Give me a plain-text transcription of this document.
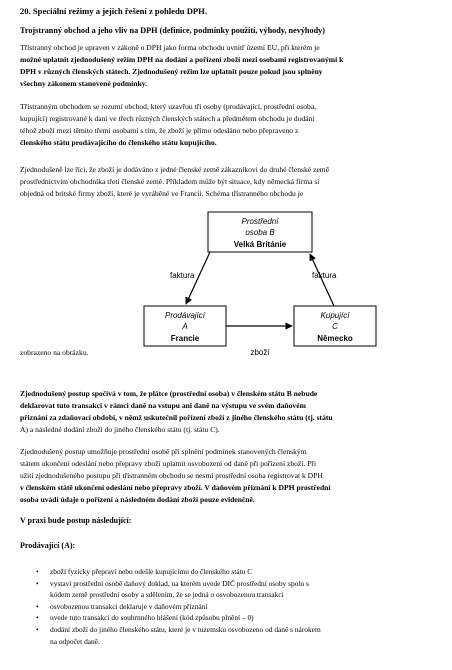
20. Speciální režimy a jejich řešení z pohledu DPH.
Trojstranný obchod a jeho vliv na DPH (definice, podmínky použití, výhody, nevýhody)
Třístranný obchod je upraven v zákoně o DPH jako forma obchodu uvnitř území EU, při kterém je
možné uplatnit zjednodušený režim DPH na dodání a pořízení zboží mezi osobami registrovanými k
DPH v různých členských státech. Zjednodušený režim lze uplatnit pouze pokud jsou splněny
všechny zákonem stanovené podmínky.
Třístranným obchodem se rozumí obchod, který uzavřou tři osoby (prodávající, prostřední osoba,
kupující) registrované k dani ve třech různých členských státech a předmětem obchodu je dodání
téhož zboží mezi těmito třemi osobami s tím, že zboží je přímo odesláno nebo přepraveno z
členského státu prodávajícího do členského státu kupujícího.
Zjednodušeně lze říci, že zboží je dodáváno z jedné členské země zákazníkovi do druhé členské země
prostřednictvím obchodníka třetí členské země. Příkladem může být situace, kdy německá firma si
objedná od britské firmy zboží, které je vyráběné ve Francii. Schéma třístranného obchodu je
Prostřední
osoba B
Velká Británie
Prodávající
A
Francie
Kupující
C
Německo
faktura	faktura
zboží
zobrazeno na obrázku.
Zjednodušený postup spočívá v tom, že plátce (prostřední osoba) v členském státu B nebude
deklarovat tuto transakci v rámci daně na vstupu ani daně na výstupu ve svém daňovém
přiznání za zdaňovací období, v němž uskutečnil pořízení zboží z jiného členského státu (tj. státu
A) a následné dodání zboží do jiného členského státu (tj. státu C).
Zjednodušený postup umožňuje prostřední osobě při splnění podmínek stanovených členským
státem ukončení odeslání nebo přepravy zboží uplatnit osvobození od daně při pořízení zboží. Při
užití zjednodušeného postupu při třístranném obchodu se nesmí prostřední osoba registrovat k DPH
v členském státě ukončení odeslání nebo přepravy zboží. V daňovém přiznání k DPH prostřední
osoba uvádí údaje o pořízení a následném dodání zboží pouze evidenčně.
V praxi bude postup následující:
Prodávající (A):
• zboží fyzicky přepraví nebo odešle kupujícímu do členského státu C
• vystaví prostřední osobě daňový doklad, na kterém uvede DIČ prostřední osoby spolu s
kódem země prostřední osoby a sdělením, že se jedná o osvobozenou transakci
• osvobozenou transakci deklaruje v daňovém přiznání
• uvede tuto transakci do souhrnného hlášení (kód způsobu plnění – 0)
• dodání zboží do jiného členského státu, které je v tuzemsku osvobozeno od daně s nárokem
na odpočet daně.
